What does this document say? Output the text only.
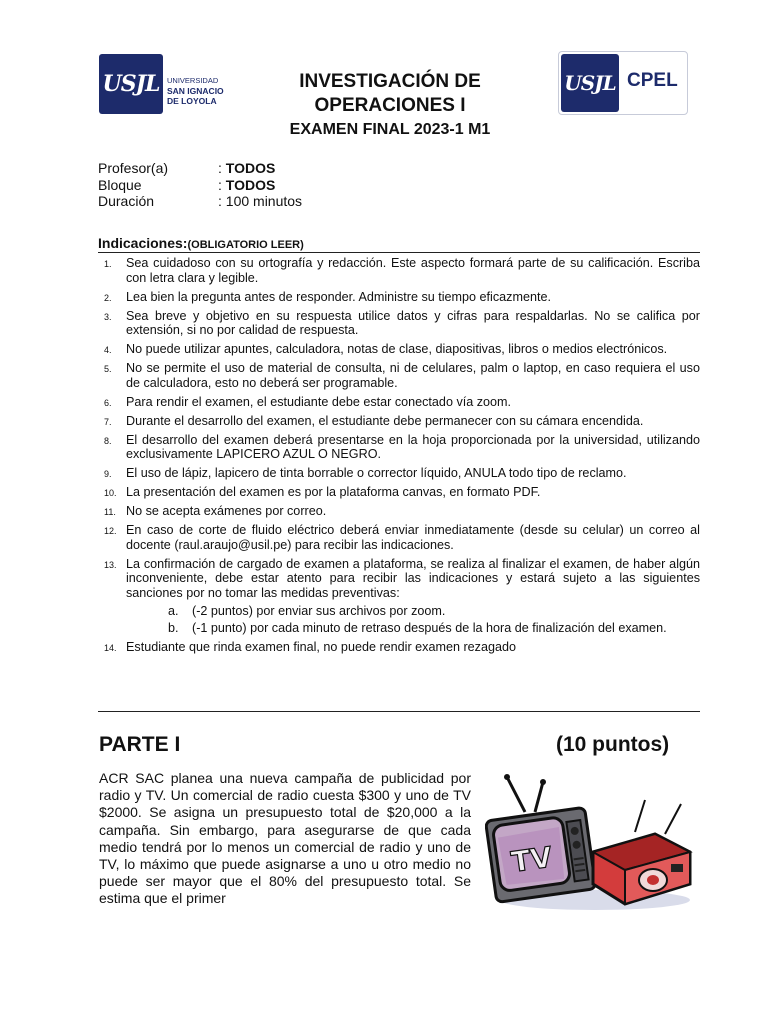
USJL	UNIVERSIDAD
SAN IGNACIO
DE LOYOLA
INVESTIGACIÓN DE
OPERACIONES I
EXAMEN FINAL 2023-1 M1
USJL CPEL
Profesor(a)	: TODOS
Bloque	: TODOS
Duración	: 100 minutos
Indicaciones:(OBLIGATORIO LEER)
1.	Sea cuidadoso con su ortografía y redacción. Este aspecto formará parte de su calificación. Escriba con letra clara y legible.
2.	Lea bien la pregunta antes de responder. Administre su tiempo eficazmente.
3.	Sea breve y objetivo en su respuesta utilice datos y cifras para respaldarlas. No se califica por extensión, si no por calidad de respuesta.
4.	No puede utilizar apuntes, calculadora, notas de clase, diapositivas, libros o medios electrónicos.
5.	No se permite el uso de material de consulta, ni de celulares, palm o laptop, en caso requiera el uso de calculadora, esto no deberá ser programable.
6.	Para rendir el examen, el estudiante debe estar conectado vía zoom.
7.	Durante el desarrollo del examen, el estudiante debe permanecer con su cámara encendida.
8.	El desarrollo del examen deberá presentarse en la hoja proporcionada por la universidad, utilizando exclusivamente LAPICERO AZUL O NEGRO.
9.	El uso de lápiz, lapicero de tinta borrable o corrector líquido, ANULA todo tipo de reclamo.
10. La presentación del examen es por la plataforma canvas, en formato PDF.
11. No se acepta exámenes por correo.
12. En caso de corte de fluido eléctrico deberá enviar inmediatamente (desde su celular) un correo al docente (raul.araujo@usil.pe) para recibir las indicaciones.
13. La confirmación de cargado de examen a plataforma, se realiza al finalizar el examen, de haber algún inconveniente, debe estar atento para recibir las indicaciones y estará sujeto a las siguientes sanciones por no tomar las medidas preventivas:
a. (-2 puntos) por enviar sus archivos por zoom.
b. (-1 punto) por cada minuto de retraso después de la hora de finalización del examen.
14. Estudiante que rinda examen final, no puede rendir examen rezagado
PARTE I	(10 puntos)
ACR SAC planea una nueva campaña de publicidad por radio y TV. Un comercial de radio cuesta $300 y uno de TV $2000. Se asigna un presupuesto total de $20,000 a la campaña. Sin embargo, para asegurarse de que cada medio tendrá por lo menos un comercial de radio y uno de TV, lo máximo que puede asignarse a uno u otro medio no puede ser mayor que el 80% del presupuesto total. Se estima que el primer
TV
